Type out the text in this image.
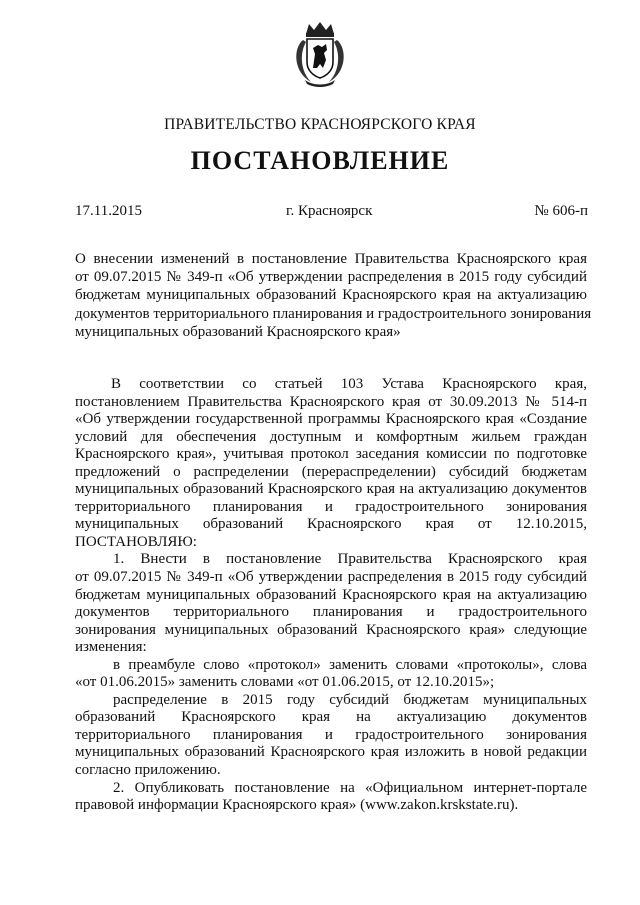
ПРАВИТЕЛЬСТВО КРАСНОЯРСКОГО КРАЯ
ПОСТАНОВЛЕНИЕ
17.11.2015	г. Красноярск	№ 606-п
О внесении изменений в постановление Правительства Красноярского края
от 09.07.2015 № 349-п «Об утверждении распределения в 2015 году субсидий
бюджетам муниципальных образований Красноярского края на актуализацию
документов территориального планирования и градостроительного зонирования
муниципальных образований Красноярского края»
В соответствии со статьей 103 Устава Красноярского края,
постановлением Правительства Красноярского края от 30.09.2013 № 514-п
«Об утверждении государственной программы Красноярского края «Создание
условий для обеспечения доступным и комфортным жильем граждан
Красноярского края», учитывая протокол заседания комиссии по подготовке
предложений о распределении (перераспределении) субсидий бюджетам
муниципальных образований Красноярского края на актуализацию документов
территориального планирования и градостроительного зонирования
муниципальных образований Красноярского края от 12.10.2015,
ПОСТАНОВЛЯЮ:
1. Внести в постановление Правительства Красноярского края
от 09.07.2015 № 349-п «Об утверждении распределения в 2015 году субсидий
бюджетам муниципальных образований Красноярского края на актуализацию
документов территориального планирования и градостроительного
зонирования муниципальных образований Красноярского края» следующие
изменения:
в преамбуле слово «протокол» заменить словами «протоколы», слова
«от 01.06.2015» заменить словами «от 01.06.2015, от 12.10.2015»;
распределение в 2015 году субсидий бюджетам муниципальных
образований Красноярского края на актуализацию документов
территориального планирования и градостроительного зонирования
муниципальных образований Красноярского края изложить в новой редакции
согласно приложению.
2. Опубликовать постановление на «Официальном интернет-портале
правовой информации Красноярского края» (www.zakon.krskstate.ru).
